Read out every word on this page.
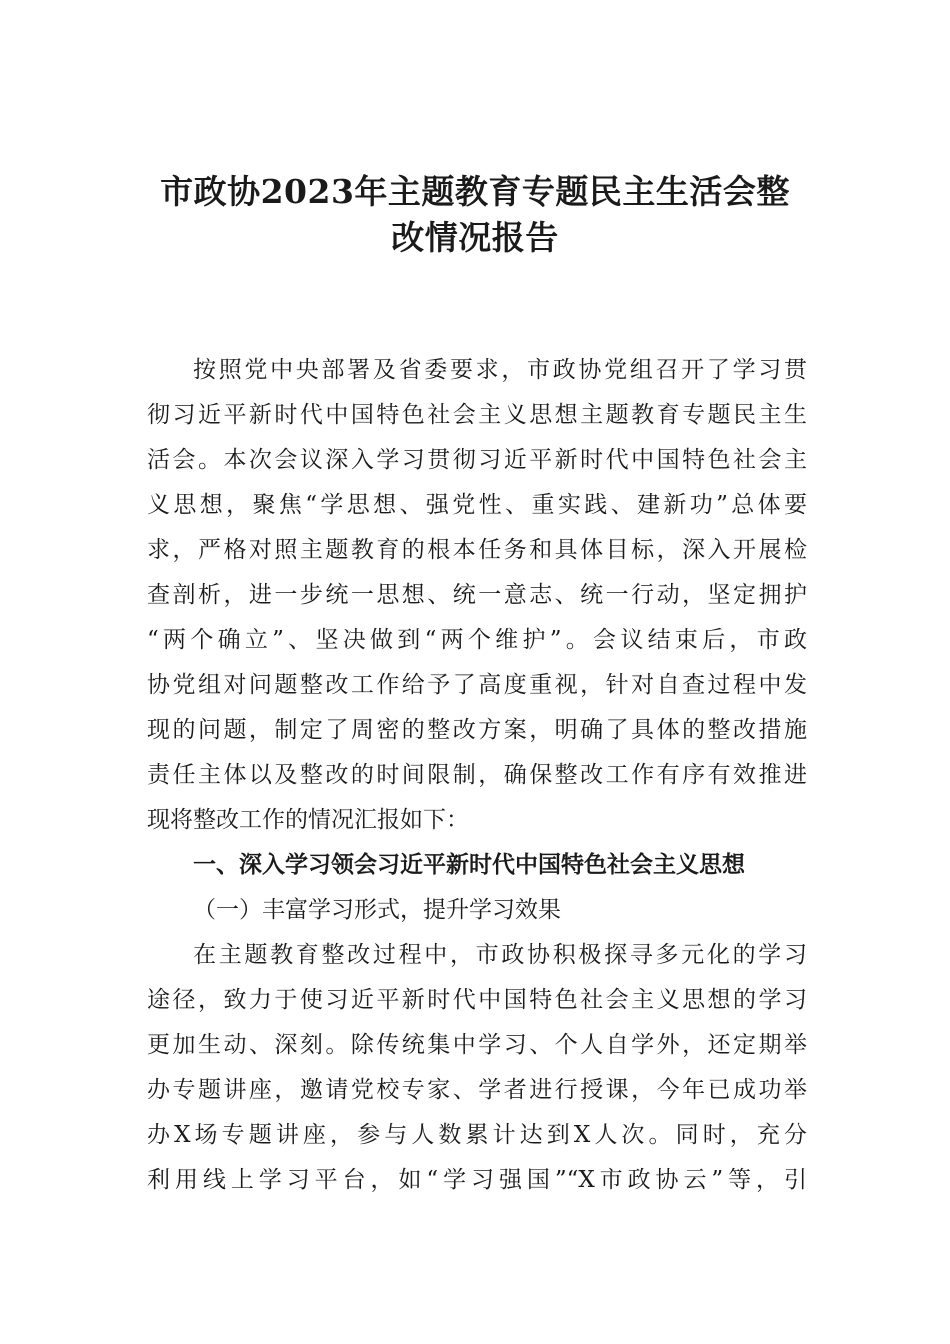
市政协2023年主题教育专题民主生活会整
改情况报告

按照党中央部署及省委要求，市政协党组召开了学习贯

彻习近平新时代中国特色社会主义思想主题教育专题民主生

活会。本次会议深入学习贯彻习近平新时代中国特色社会主

义思想，聚焦“学思想、强党性、重实践、建新功”总体要

求，严格对照主题教育的根本任务和具体目标，深入开展检

查剖析，进一步统一思想、统一意志、统一行动，坚定拥护

“两个确立”、坚决做到“两个维护”。会议结束后，市政

协党组对问题整改工作给予了高度重视，针对自查过程中发

现的问题，制定了周密的整改方案，明确了具体的整改措施

责任主体以及整改的时间限制，确保整改工作有序有效推进

现将整改工作的情况汇报如下：

一、深入学习领会习近平新时代中国特色社会主义思想

（一）丰富学习形式，提升学习效果

在主题教育整改过程中，市政协积极探寻多元化的学习

途径，致力于使习近平新时代中国特色社会主义思想的学习

更加生动、深刻。除传统集中学习、个人自学外，还定期举

办专题讲座，邀请党校专家、学者进行授课，今年已成功举

办X场专题讲座，参与人数累计达到X人次。同时，充分

利用线上学习平台，如“学习强国”“X市政协云”等，引
